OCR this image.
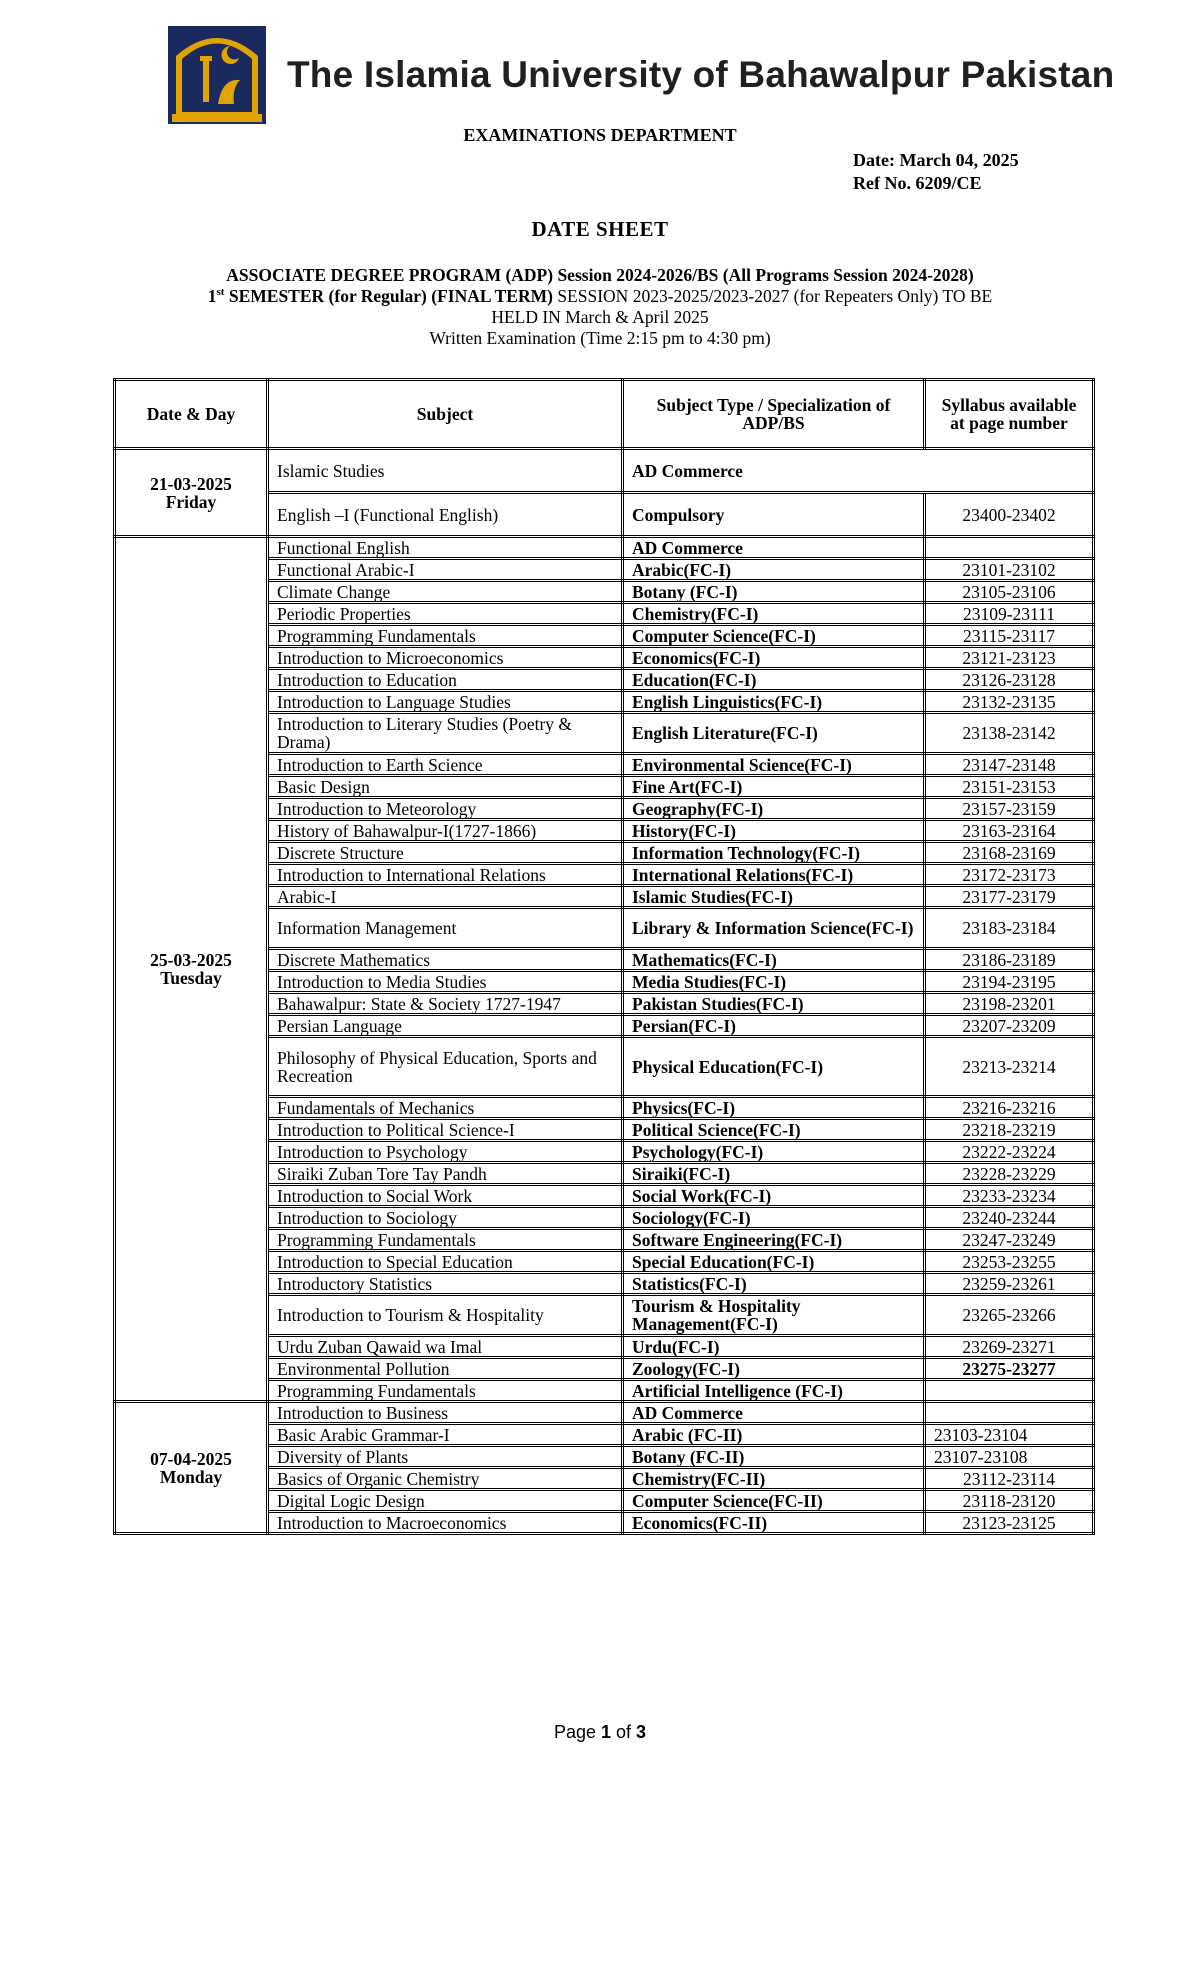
The Islamia University of Bahawalpur Pakistan
EXAMINATIONS DEPARTMENT
Date: March 04, 2025
Ref No. 6209/CE
DATE SHEET
ASSOCIATE DEGREE PROGRAM (ADP) Session 2024-2026/BS (All Programs Session 2024-2028)
1st SEMESTER (for Regular) (FINAL TERM) SESSION 2023-2025/2023-2027 (for Repeaters Only) TO BE
HELD IN March & April 2025
Written Examination (Time 2:15 pm to 4:30 pm)
Date & Day	Subject	Subject Type / Specialization of ADP/BS	Syllabus available at page number

21-03-2025
Friday	Islamic Studies	AD Commerce	
	English –I (Functional English)	Compulsory	23400-23402

25-03-2025
Tuesday	Functional English	AD Commerce	
	Functional Arabic-I	Arabic(FC-I)	23101-23102
	Climate Change	Botany (FC-I)	23105-23106
	Periodic Properties	Chemistry(FC-I)	23109-23111
	Programming Fundamentals	Computer Science(FC-I)	23115-23117
	Introduction to Microeconomics	Economics(FC-I)	23121-23123
	Introduction to Education	Education(FC-I)	23126-23128
	Introduction to Language Studies	English Linguistics(FC-I)	23132-23135
	Introduction to Literary Studies (Poetry & Drama)	English Literature(FC-I)	23138-23142
	Introduction to Earth Science	Environmental Science(FC-I)	23147-23148
	Basic Design	Fine Art(FC-I)	23151-23153
	Introduction to Meteorology	Geography(FC-I)	23157-23159
	History of Bahawalpur-I(1727-1866)	History(FC-I)	23163-23164
	Discrete Structure	Information Technology(FC-I)	23168-23169
	Introduction to International Relations	International Relations(FC-I)	23172-23173
	Arabic-I	Islamic Studies(FC-I)	23177-23179
	Information Management	Library & Information Science(FC-I)	23183-23184
	Discrete Mathematics	Mathematics(FC-I)	23186-23189
	Introduction to Media Studies	Media Studies(FC-I)	23194-23195
	Bahawalpur: State & Society 1727-1947	Pakistan Studies(FC-I)	23198-23201
	Persian Language	Persian(FC-I)	23207-23209
	Philosophy of Physical Education, Sports and Recreation	Physical Education(FC-I)	23213-23214
	Fundamentals of Mechanics	Physics(FC-I)	23216-23216
	Introduction to Political Science-I	Political Science(FC-I)	23218-23219
	Introduction to Psychology	Psychology(FC-I)	23222-23224
	Siraiki Zuban Tore Tay Pandh	Siraiki(FC-I)	23228-23229
	Introduction to Social Work	Social Work(FC-I)	23233-23234
	Introduction to Sociology	Sociology(FC-I)	23240-23244
	Programming Fundamentals	Software Engineering(FC-I)	23247-23249
	Introduction to Special Education	Special Education(FC-I)	23253-23255
	Introductory Statistics	Statistics(FC-I)	23259-23261
	Introduction to Tourism & Hospitality	Tourism & Hospitality Management(FC-I)	23265-23266
	Urdu Zuban Qawaid wa Imal	Urdu(FC-I)	23269-23271
	Environmental Pollution	Zoology(FC-I)	23275-23277
	Programming Fundamentals	Artificial Intelligence (FC-I)	

07-04-2025
Monday	Introduction to Business	AD Commerce	
	Basic Arabic Grammar-I	Arabic (FC-II)	23103-23104
	Diversity of Plants	Botany (FC-II)	23107-23108
	Basics of Organic Chemistry	Chemistry(FC-II)	23112-23114
	Digital Logic Design	Computer Science(FC-II)	23118-23120
	Introduction to Macroeconomics	Economics(FC-II)	23123-23125
Page 1 of 3
